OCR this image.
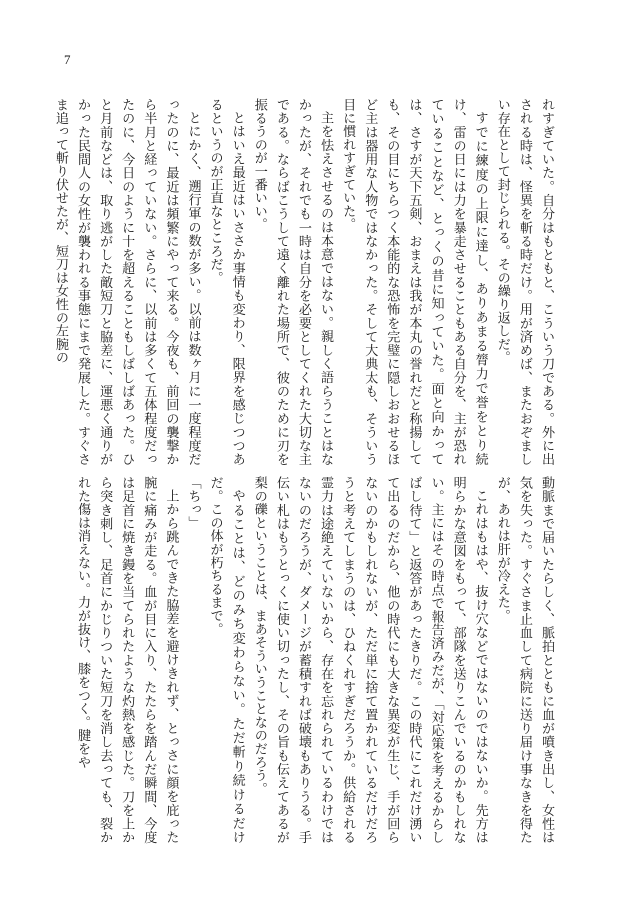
7

れすぎていた。自分はもともと、こういう刀である。外に出される時は、怪異を斬る時だけ。用が済めば、またおぞましい存在として封じられる。その繰り返しだ。

すでに練度の上限に達し、ありあまる膂力で誉をとり続け、雷の日には力を暴走させることもある自分を、主が恐れていることなど、とっくの昔に知っていた。面と向かっては、さすが天下五剣、おまえは我が本丸の誉れだと称揚しても、その目にちらつく本能的な恐怖を完璧に隠しおおせるほど主は器用な人物ではなかった。そして大典太も、そういう目に慣れすぎていた。

主を怯えさせるのは本意ではない。親しく語らうことはなかったが、それでも一時は自分を必要としてくれた大切な主である。ならばこうして遠く離れた場所で、彼のために刃を振るうのが一番いい。

とはいえ最近はいささか事情も変わり、限界を感じつつあるというのが正直なところだ。

とにかく、遡行軍の数が多い。以前は数ヶ月に一度程度だったのに、最近は頻繁にやって来る。今夜も、前回の襲撃から半月と経っていない。さらに、以前は多くて五体程度だったのに、今日のように十を超えることもしばしばあった。ひと月前などは、取り逃がした敵短刀と脇差に、運悪く通りがかった民間人の女性が襲われる事態にまで発展した。すぐさま追って斬り伏せたが、短刀は女性の左腕の

動脈まで届いたらしく、脈拍とともに血が噴き出し、女性は気を失った。すぐさま止血して病院に送り届け事なきを得たが、あれは肝が冷えた。

これはもはや、抜け穴などではないのではないか。先方は明らかな意図をもって、部隊を送りこんでいるのかもしれない。主にはその時点で報告済みだが、「対応策を考えるからしばし待て」と返答があったきりだ。この時代にこれだけ湧いて出るのだから、他の時代にも大きな異変が生じ、手が回らないのかもしれないが、ただ単に捨て置かれているだけだろうと考えてしまうのは、ひねくれすぎだろうか。供給される霊力は途絶えていないから、存在を忘れられているわけではないのだろうが、ダメージが蓄積すれば破壊もありうる。手伝い札はもうとっくに使い切ったし、その旨も伝えてあるが梨の礫ということは、まあそういうことなのだろう。

やることは、どのみち変わらない。ただ斬り続けるだけだ。この体が朽ちるまで。

「ちっ」

上から跳んできた脇差を避けきれず、とっさに顔を庇った腕に痛みが走る。血が目に入り、たたらを踏んだ瞬間、今度は足首に焼き鏝を当てられたような灼熱を感じた。刀を上から突き刺し、足首にかじりついた短刀を消し去っても、裂かれた傷は消えない。力が抜け、膝をつく。腱をや
